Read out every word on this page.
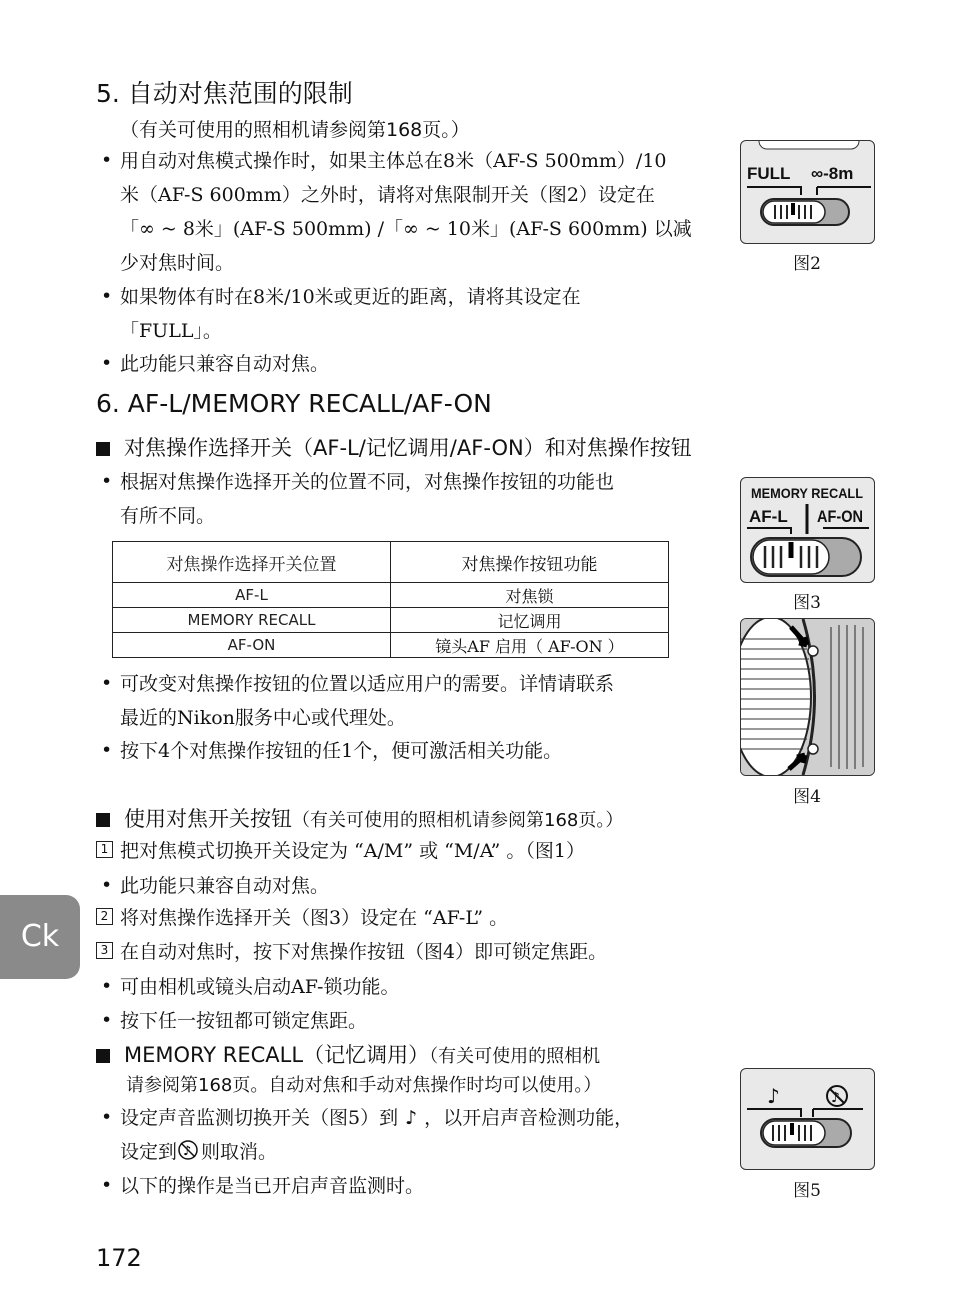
5. 自动对焦范围的限制
（有关可使用的照相机请参阅第168页。）
• 用自动对焦模式操作时，如果主体总在8米（AF-S 500mm）/10
米（AF-S 600mm）之外时，请将对焦限制开关（图2）设定在
「∞ ~ 8米」(AF-S 500mm) /「∞ ~ 10米」(AF-S 600mm) 以减
少对焦时间。
• 如果物体有时在8米/10米或更近的距离，请将其设定在
「FULL」。
• 此功能只兼容自动对焦。
FULL ∞-8m
图2
6. AF-L/MEMORY RECALL/AF-ON
对焦操作选择开关（AF-L/记忆调用/AF-ON）和对焦操作按钮
• 根据对焦操作选择开关的位置不同，对焦操作按钮的功能也
有所不同。
对焦操作选择开关位置	对焦操作按钮功能
AF-L	对焦锁
MEMORY RECALL	记忆调用
AF-ON	镜头AF 启用（ AF-ON ）
• 可改变对焦操作按钮的位置以适应用户的需要。详情请联系
最近的Nikon服务中心或代理处。
• 按下4个对焦操作按钮的任1个，便可激活相关功能。
MEMORY RECALL
AF-L AF-ON
图3
图4
使用对焦开关按钮（有关可使用的照相机请参阅第168页。）
1 把对焦模式切换开关设定为 “A/M” 或 “M/A” 。（图1）
• 此功能只兼容自动对焦。
2 将对焦操作选择开关（图3）设定在 “AF-L” 。
3 在自动对焦时，按下对焦操作按钮（图4）即可锁定焦距。
• 可由相机或镜头启动AF-锁功能。
• 按下任一按钮都可锁定焦距。
MEMORY RECALL（记忆调用）（有关可使用的照相机
请参阅第168页。自动对焦和手动对焦操作时均可以使用。）
• 设定声音监测切换开关（图5）到 ♪ ，以开启声音检测功能，
设定到 ♪ 则取消。
• 以下的操作是当已开启声音监测时。
♪	♪
图5
Ck
172
